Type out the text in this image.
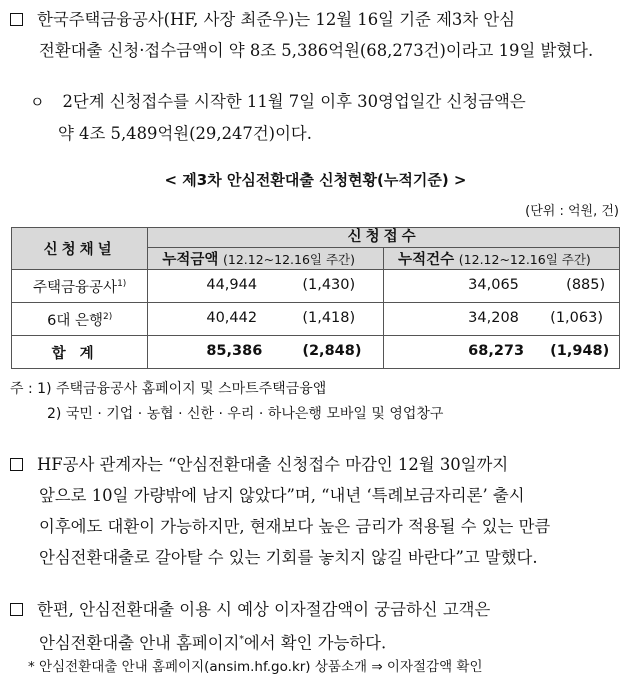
한국주택금융공사(HF, 사장 최준우)는 12월 16일 기준 제3차 안심
전환대출 신청·접수금액이 약 8조 5,386억원(68,273건)이라고 19일 밝혔다.
ㅇ 2단계 신청접수를 시작한 11월 7일 이후 30영업일간 신청금액은
약 4조 5,489억원(29,247건)이다.
< 제3차 안심전환대출 신청현황(누적기준) >
(단위 : 억원, 건)
신청채널	신청접수	
	누적금액 (12.12~12.16일 주간)	누적건수 (12.12~12.16일 주간)
주택금융공사$^{1)}$	44,944 (1,430)	34,065 (885)

6대 은행$^{2)}$	40,442 (1,418)	34,208 (1,063)

합계	85,386 (2,848)	68,273 (1,948)
주 : 1) 주택금융공사 홈페이지 및 스마트주택금융앱
2) 국민 · 기업 · 농협 · 신한 · 우리 · 하나은행 모바일 및 영업창구
HF공사 관계자는 “안심전환대출 신청접수 마감인 12월 30일까지
앞으로 10일 가량밖에 남지 않았다”며, “내년 ‘특례보금자리론’ 출시
이후에도 대환이 가능하지만, 현재보다 높은 금리가 적용될 수 있는 만큼
안심전환대출로 갈아탈 수 있는 기회를 놓치지 않길 바란다”고 말했다.
한편, 안심전환대출 이용 시 예상 이자절감액이 궁금하신 고객은
안심전환대출 안내 홈페이지*에서 확인 가능하다.
* 안심전환대출 안내 홈페이지(ansim.hf.go.kr) 상품소개 ⇒ 이자절감액 확인
